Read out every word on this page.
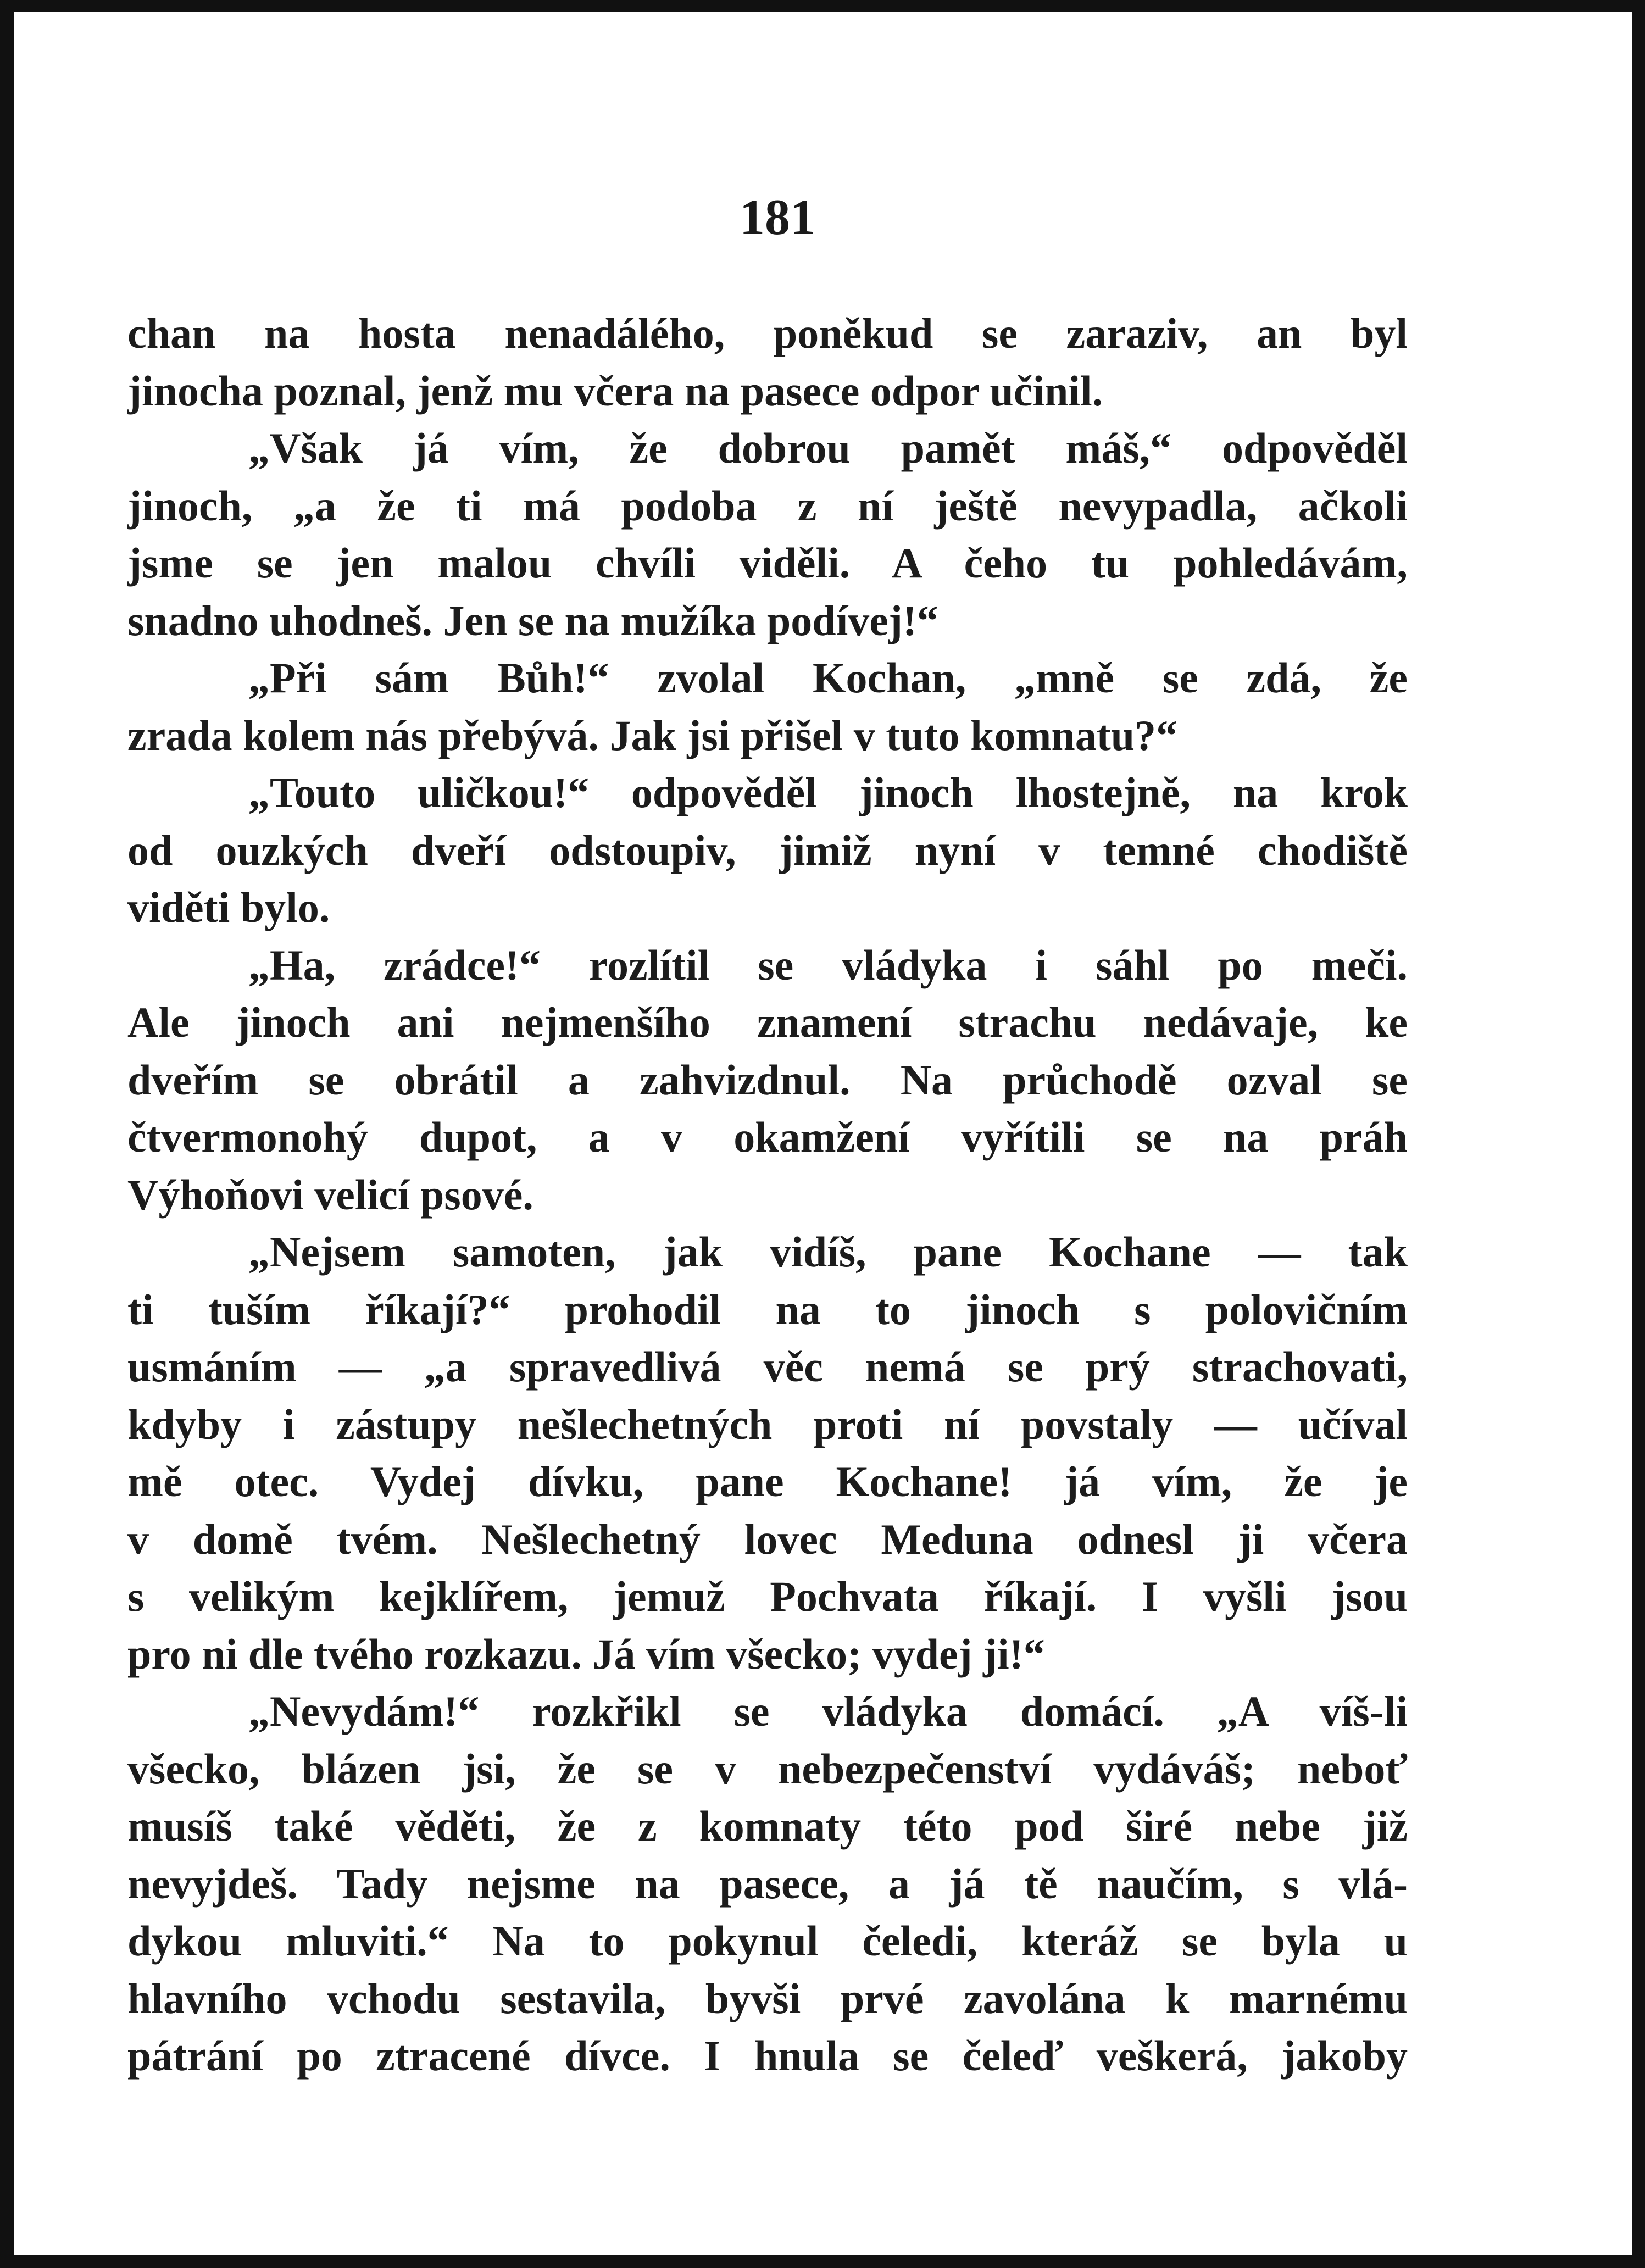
181
chan na hosta nenadálého, poněkud se zaraziv, an byl
jinocha poznal, jenž mu včera na pasece odpor učinil.
„Však já vím, že dobrou pamět máš,“ odpověděl
jinoch, „a že ti má podoba z ní ještě nevypadla, ačkoli
jsme se jen malou chvíli viděli. A čeho tu pohledávám,
snadno uhodneš. Jen se na mužíka podívej!“
„Při sám Bůh!“ zvolal Kochan, „mně se zdá, že
zrada kolem nás přebývá. Jak jsi přišel v tuto komnatu?“
„Touto uličkou!“ odpověděl jinoch lhostejně, na krok
od ouzkých dveří odstoupiv, jimiž nyní v temné chodiště
viděti bylo.
„Ha, zrádce!“ rozlítil se vládyka i sáhl po meči.
Ale jinoch ani nejmenšího znamení strachu nedávaje, ke
dveřím se obrátil a zahvizdnul. Na průchodě ozval se
čtvermonohý dupot, a v okamžení vyřítili se na práh
Výhoňovi velicí psové.
„Nejsem samoten, jak vidíš, pane Kochane — tak
ti tuším říkají?“ prohodil na to jinoch s polovičním
usmáním — „a spravedlivá věc nemá se prý strachovati,
kdyby i zástupy nešlechetných proti ní povstaly — učíval
mě otec. Vydej dívku, pane Kochane! já vím, že je
v domě tvém. Nešlechetný lovec Meduna odnesl ji včera
s velikým kejklířem, jemuž Pochvata říkají. I vyšli jsou
pro ni dle tvého rozkazu. Já vím všecko; vydej ji!“
„Nevydám!“ rozkřikl se vládyka domácí. „A víš-li
všecko, blázen jsi, že se v nebezpečenství vydáváš; neboť
musíš také věděti, že z komnaty této pod širé nebe již
nevyjdeš. Tady nejsme na pasece, a já tě naučím, s vlá-
dykou mluviti.“ Na to pokynul čeledi, kteráž se byla u
hlavního vchodu sestavila, byvši prvé zavolána k marnému
pátrání po ztracené dívce. I hnula se čeleď veškerá, jakoby
